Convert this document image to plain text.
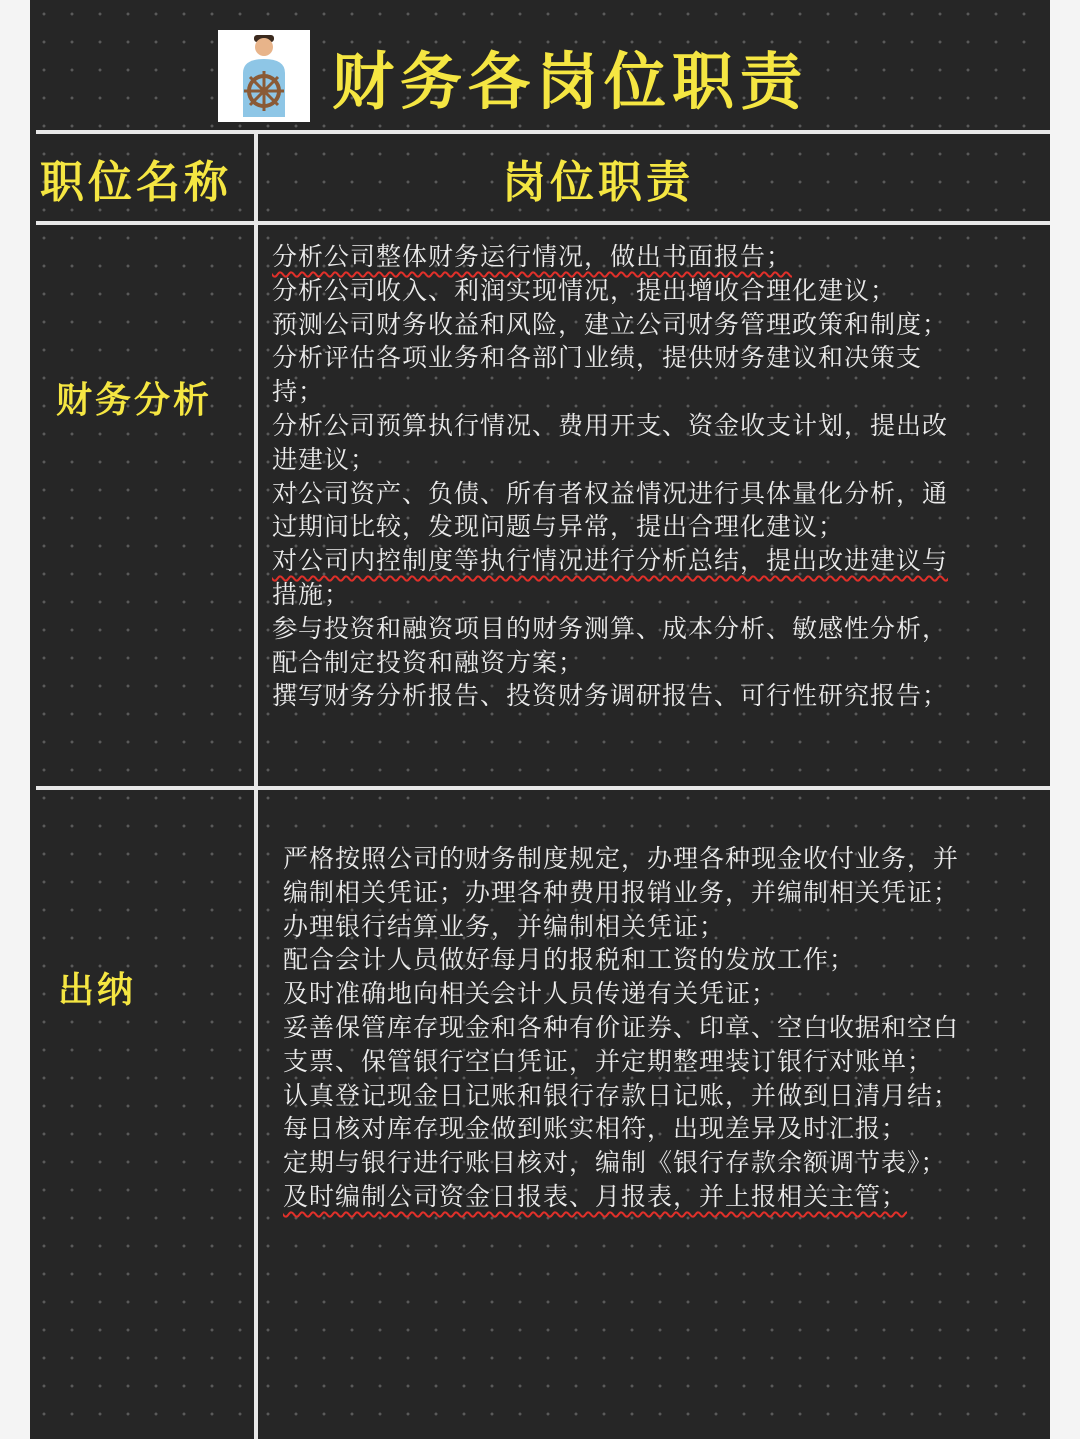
财务各岗位职责
职位名称	岗位职责
财务分析
分析公司整体财务运行情况，做出书面报告；
分析公司收入、利润实现情况，提出增收合理化建议；
预测公司财务收益和风险，建立公司财务管理政策和制度；
分析评估各项业务和各部门业绩，提供财务建议和决策支
持；
分析公司预算执行情况、费用开支、资金收支计划，提出改
进建议；
对公司资产、负债、所有者权益情况进行具体量化分析，通
过期间比较，发现问题与异常，提出合理化建议；
对公司内控制度等执行情况进行分析总结，提出改进建议与
措施；
参与投资和融资项目的财务测算、成本分析、敏感性分析，
配合制定投资和融资方案；
撰写财务分析报告、投资财务调研报告、可行性研究报告；
出纳
严格按照公司的财务制度规定，办理各种现金收付业务，并
编制相关凭证；办理各种费用报销业务，并编制相关凭证；
办理银行结算业务，并编制相关凭证；
配合会计人员做好每月的报税和工资的发放工作；
及时准确地向相关会计人员传递有关凭证；
妥善保管库存现金和各种有价证券、印章、空白收据和空白
支票、保管银行空白凭证，并定期整理装订银行对账单；
认真登记现金日记账和银行存款日记账，并做到日清月结；
每日核对库存现金做到账实相符，出现差异及时汇报；
定期与银行进行账目核对，编制《银行存款余额调节表》；
及时编制公司资金日报表、月报表，并上报相关主管；
